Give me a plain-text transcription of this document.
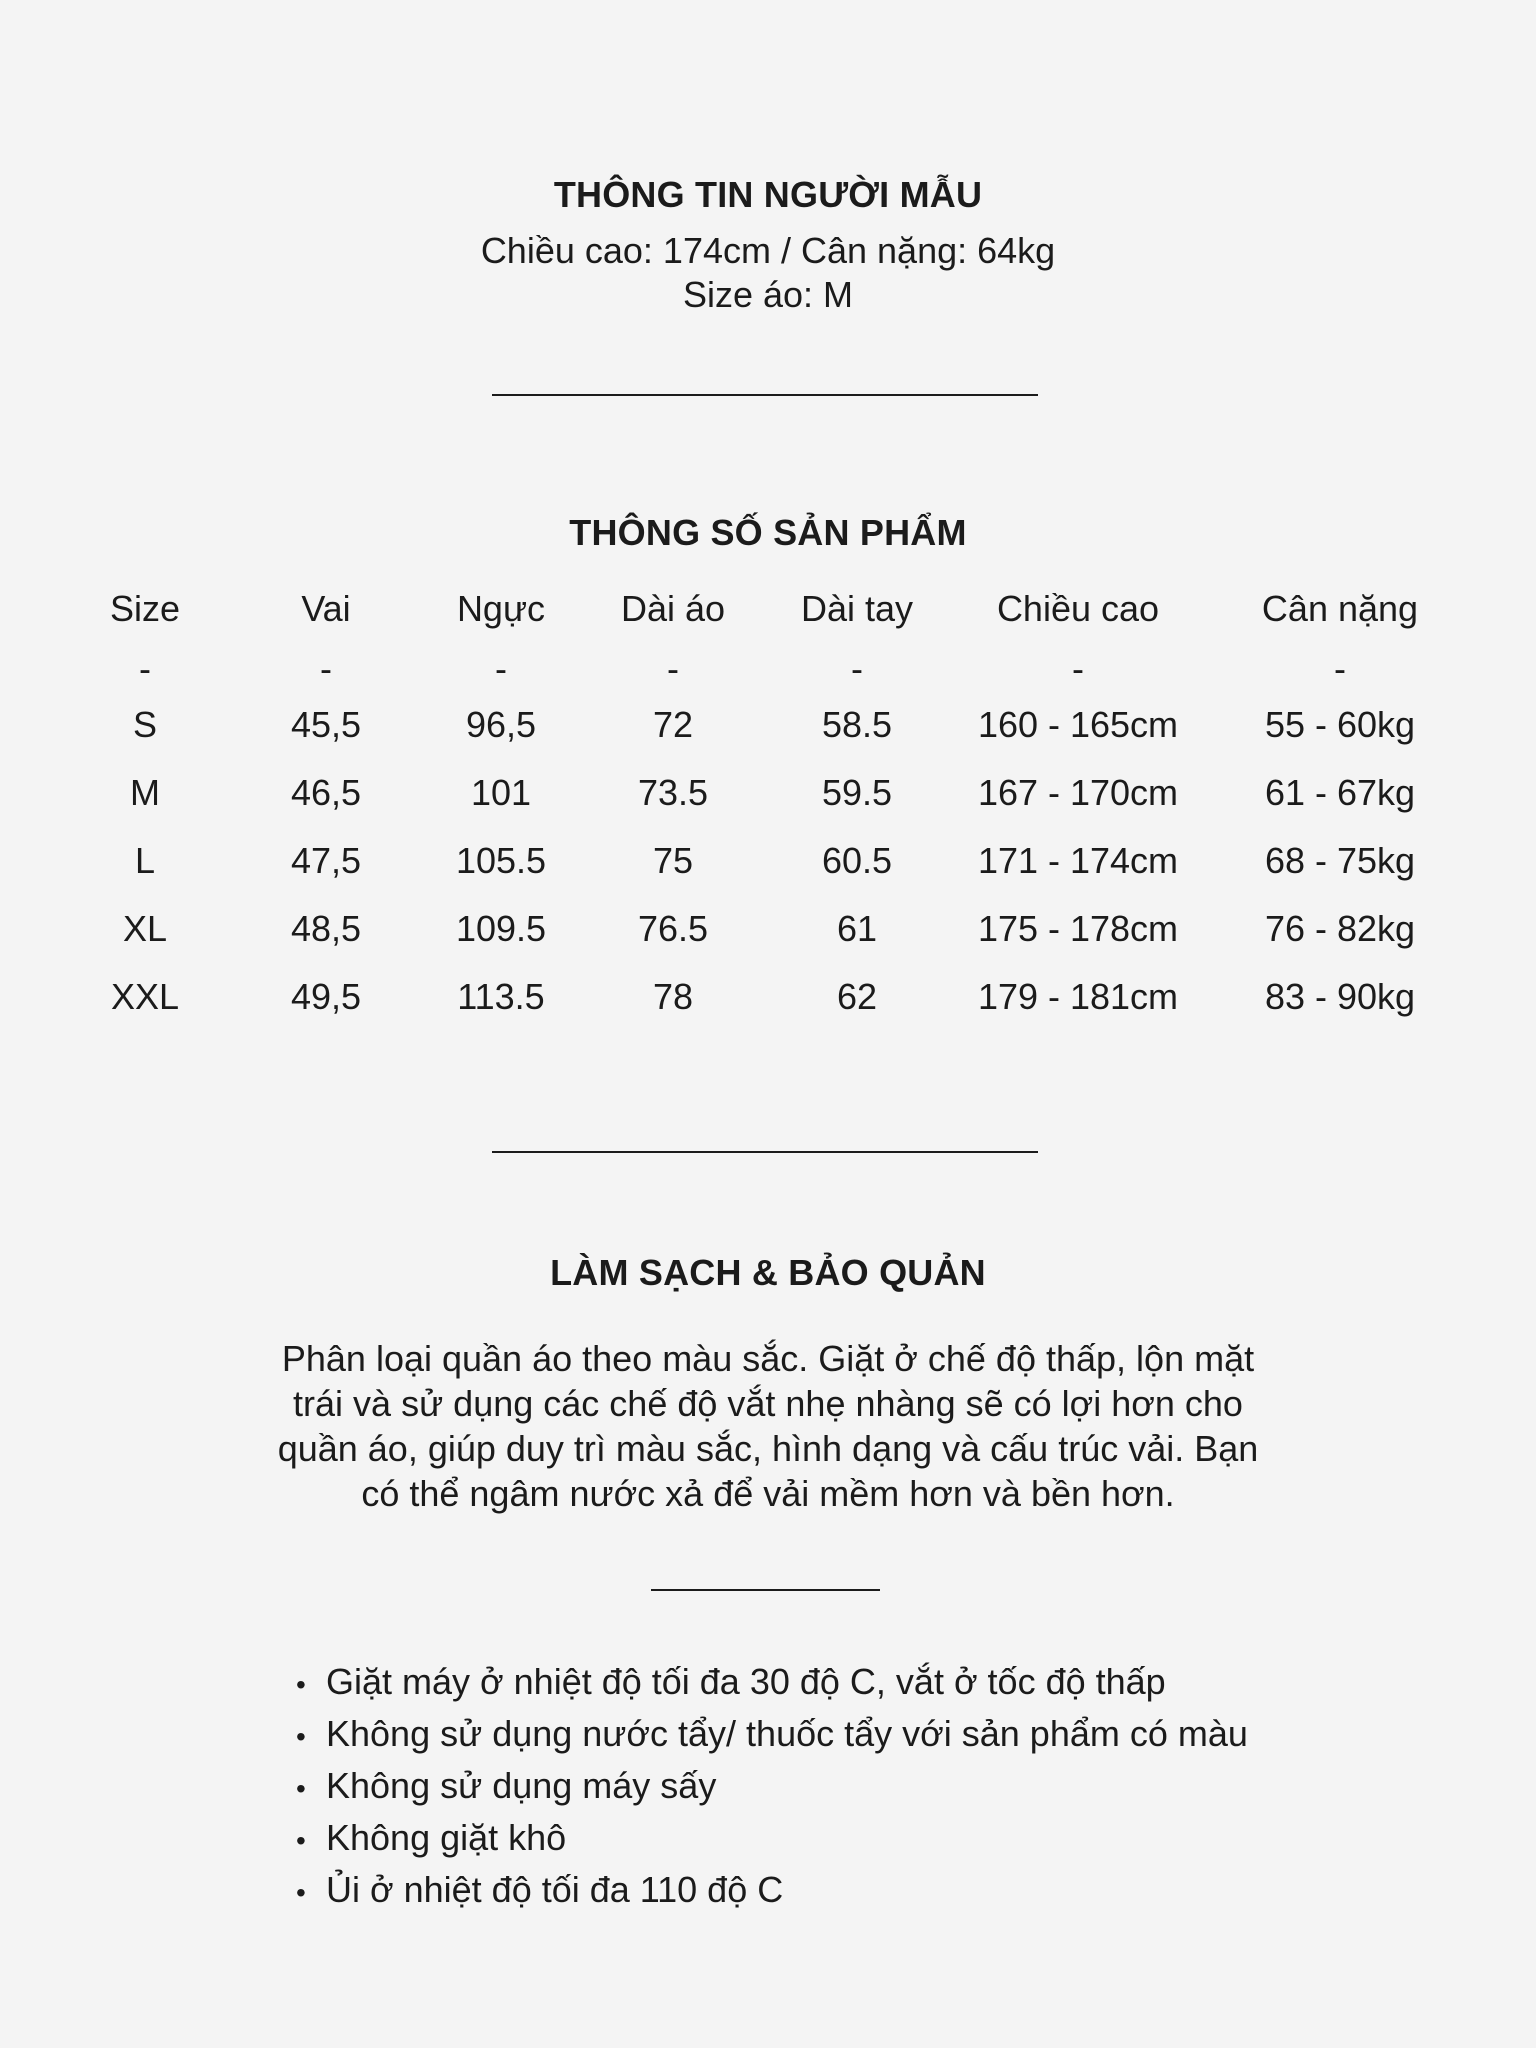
THÔNG TIN NGƯỜI MẪU
Chiều cao: 174cm / Cân nặng: 64kg
Size áo: M
THÔNG SỐ SẢN PHẨM
Size	Vai	Ngực	Dài áo	Dài tay	Chiều cao	Cân nặng
-	-	-	-	-	-	-
S	45,5	96,5	72	58.5	160 - 165cm	55 - 60kg
M	46,5	101	73.5	59.5	167 - 170cm	61 - 67kg
L	47,5	105.5	75	60.5	171 - 174cm	68 - 75kg
XL	48,5	109.5	76.5	61	175 - 178cm	76 - 82kg
XXL	49,5	113.5	78	62	179 - 181cm	83 - 90kg
LÀM SẠCH & BẢO QUẢN
Phân loại quần áo theo màu sắc. Giặt ở chế độ thấp, lộn mặt
trái và sử dụng các chế độ vắt nhẹ nhàng sẽ có lợi hơn cho
quần áo, giúp duy trì màu sắc, hình dạng và cấu trúc vải. Bạn
có thể ngâm nước xả để vải mềm hơn và bền hơn.
• Giặt máy ở nhiệt độ tối đa 30 độ C, vắt ở tốc độ thấp
• Không sử dụng nước tẩy/ thuốc tẩy với sản phẩm có màu
• Không sử dụng máy sấy
• Không giặt khô
• Ủi ở nhiệt độ tối đa 110 độ C
